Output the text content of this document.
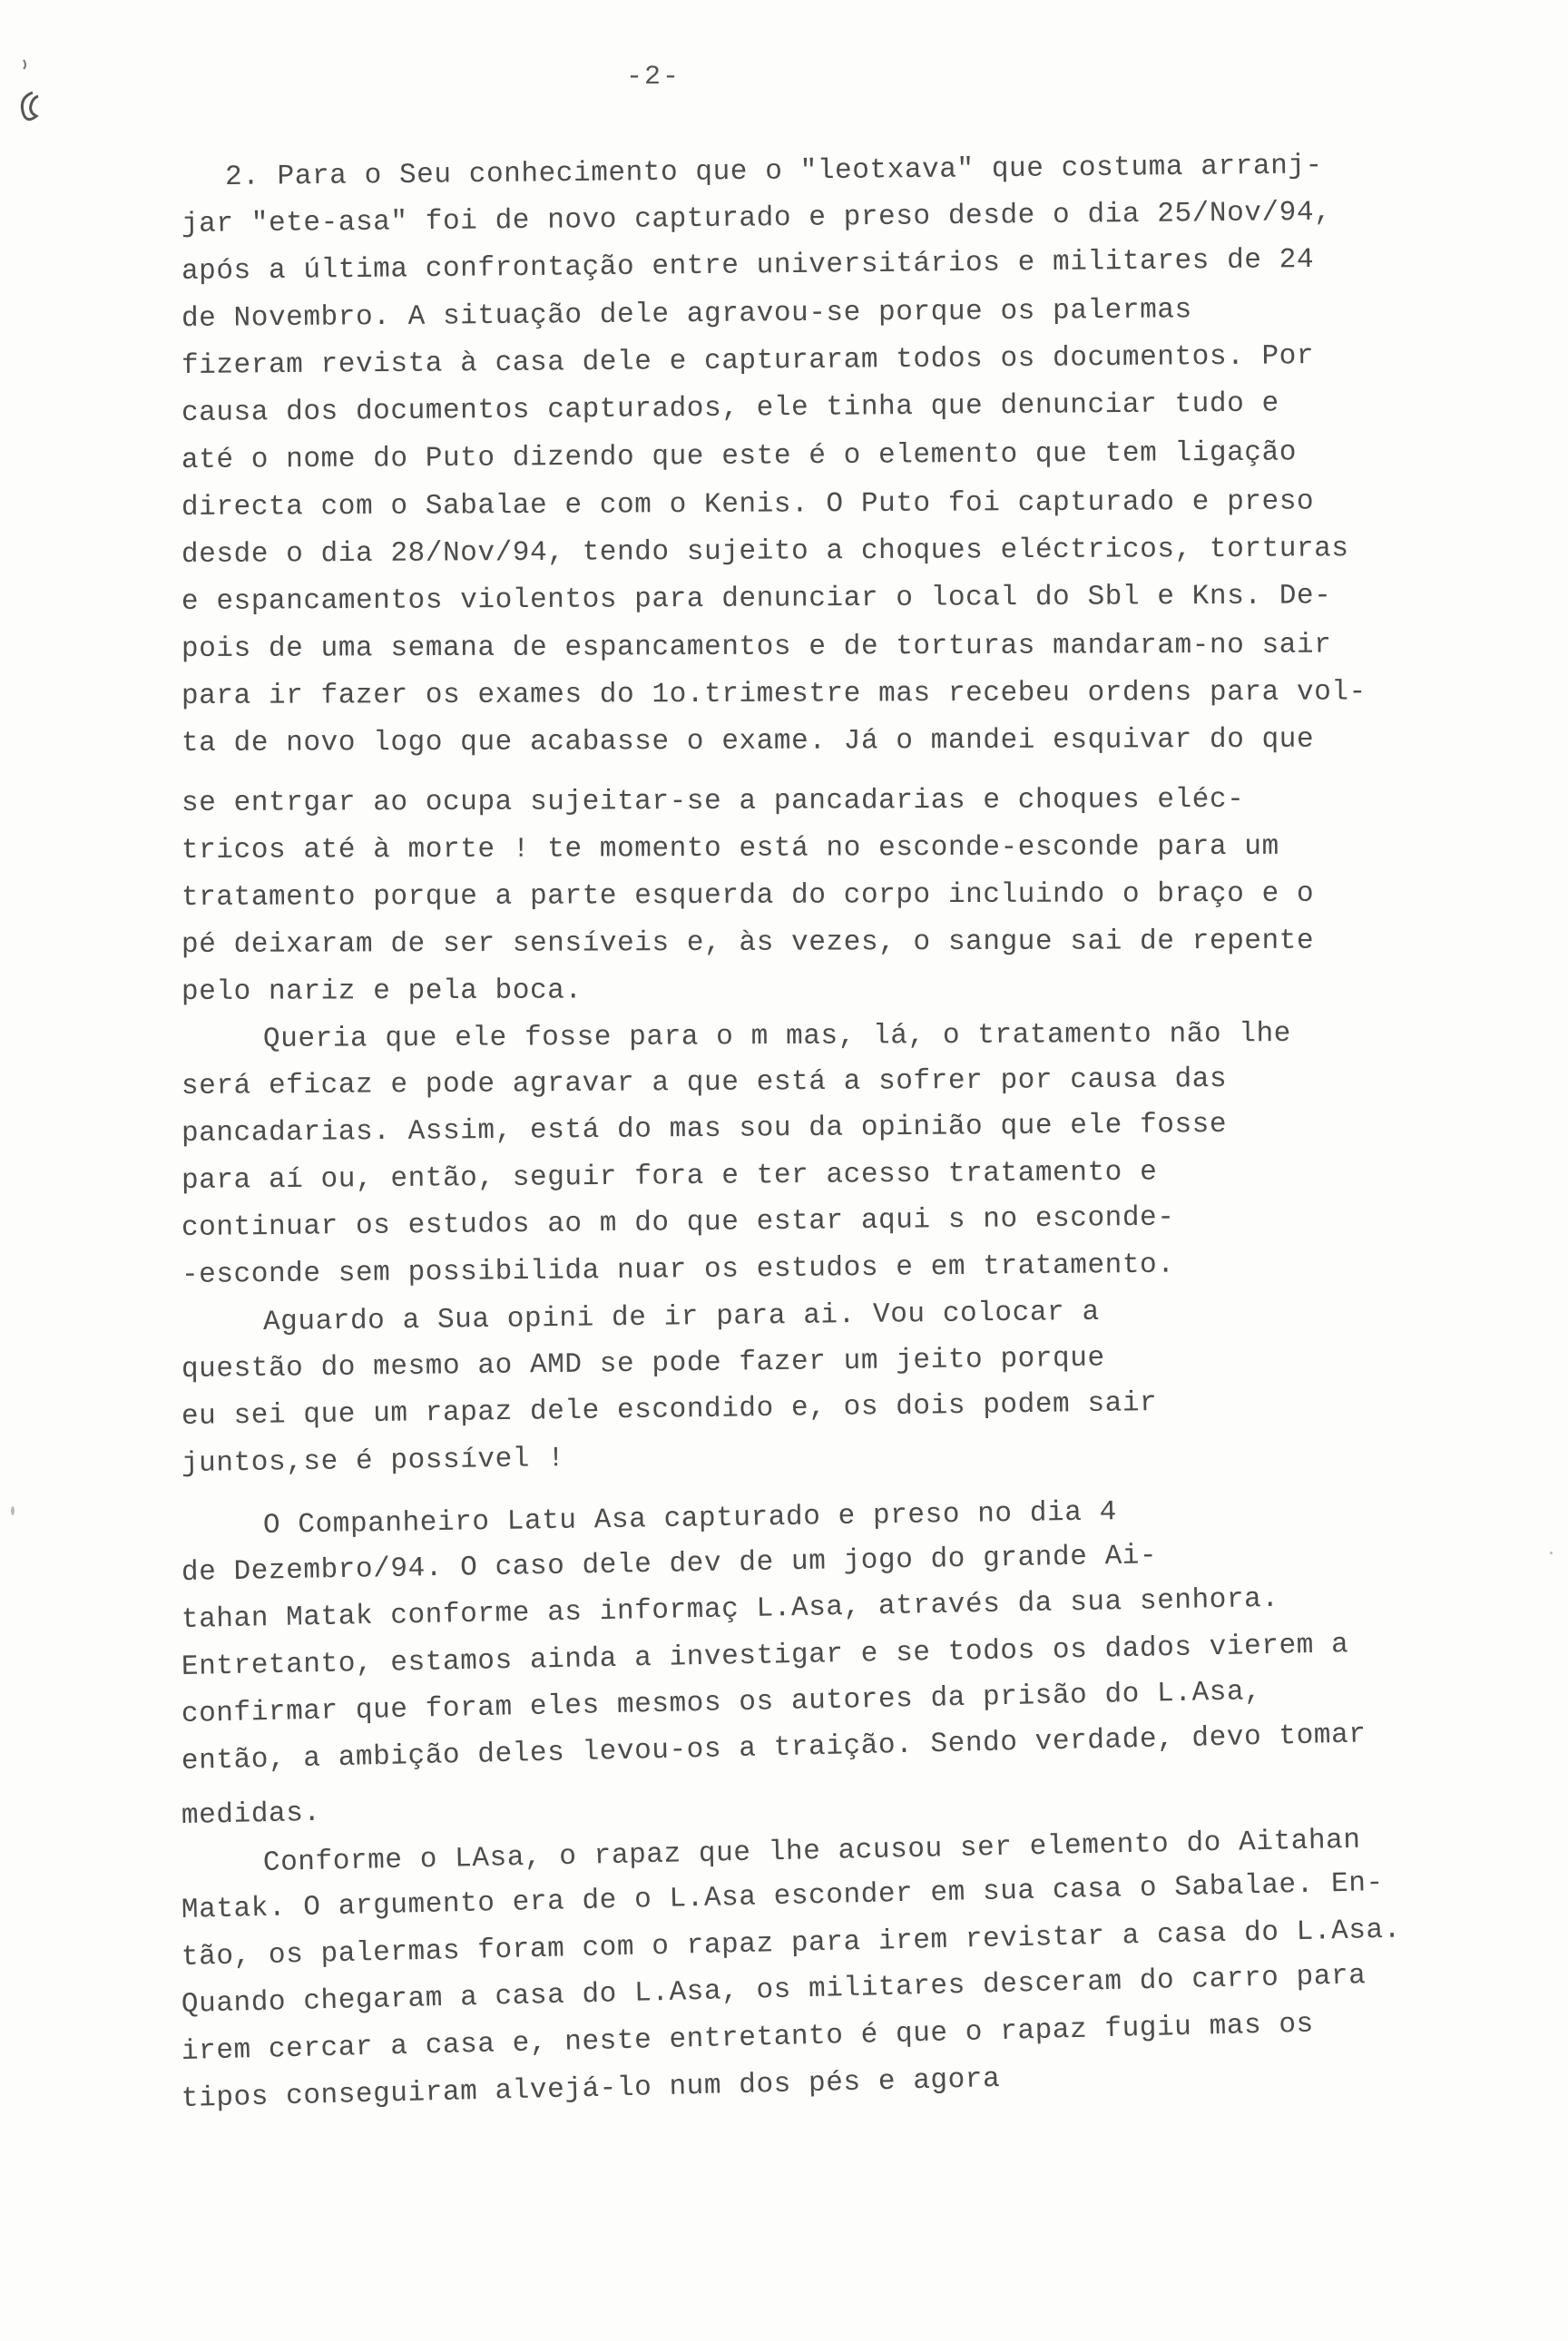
-2-
2. Para o Seu conhecimento que o "leotxava" que costuma arranj-
jar "ete-asa" foi de novo capturado e preso desde o dia 25/Nov/94,
após a última confrontação entre universitários e militares de 24
de Novembro. A situação dele agravou-se porque os palermas
fizeram revista à casa dele e capturaram todos os documentos. Por
causa dos documentos capturados, ele tinha que denunciar tudo e
até o nome do Puto dizendo que este é o elemento que tem ligação
directa com o Sabalae e com o Kenis. O Puto foi capturado e preso
desde o dia 28/Nov/94, tendo sujeito a choques eléctricos, torturas
e espancamentos violentos para denunciar o local do Sbl e Kns. De-
pois de uma semana de espancamentos e de torturas mandaram-no sair
para ir fazer os exames do 1o.trimestre mas recebeu ordens para vol-
ta de novo logo que acabasse o exame. Já o mandei esquivar do que
se entrgar ao ocupa sujeitar-se a pancadarias e choques eléc-
tricos até à morte ! te momento está no esconde-esconde para um
tratamento porque a parte esquerda do corpo incluindo o braço e o
pé deixaram de ser sensíveis e, às vezes, o sangue sai de repente
pelo nariz e pela boca.
Queria que ele fosse para o m mas, lá, o tratamento não lhe
será eficaz e pode agravar a que está a sofrer por causa das
pancadarias. Assim, está do mas sou da opinião que ele fosse
para aí ou, então, seguir fora e ter acesso tratamento e
continuar os estudos ao m do que estar aqui s no esconde-
-esconde sem possibilida nuar os estudos e em tratamento.
Aguardo a Sua opini de ir para ai. Vou colocar a
questão do mesmo ao AMD se pode fazer um jeito porque
eu sei que um rapaz dele escondido e, os dois podem sair
juntos,se é possível !
O Companheiro Latu Asa capturado e preso no dia 4
de Dezembro/94. O caso dele dev de um jogo do grande Ai-
tahan Matak conforme as informaç L.Asa, através da sua senhora.
Entretanto, estamos ainda a investigar e se todos os dados vierem a
confirmar que foram eles mesmos os autores da prisão do L.Asa,
então, a ambição deles levou-os a traição. Sendo verdade, devo tomar
medidas.
Conforme o LAsa, o rapaz que lhe acusou ser elemento do Aitahan
Matak. O argumento era de o L.Asa esconder em sua casa o Sabalae. En-
tão, os palermas foram com o rapaz para irem revistar a casa do L.Asa.
Quando chegaram a casa do L.Asa, os militares desceram do carro para
irem cercar a casa e, neste entretanto é que o rapaz fugiu mas os
tipos conseguiram alvejá-lo num dos pés e agora
